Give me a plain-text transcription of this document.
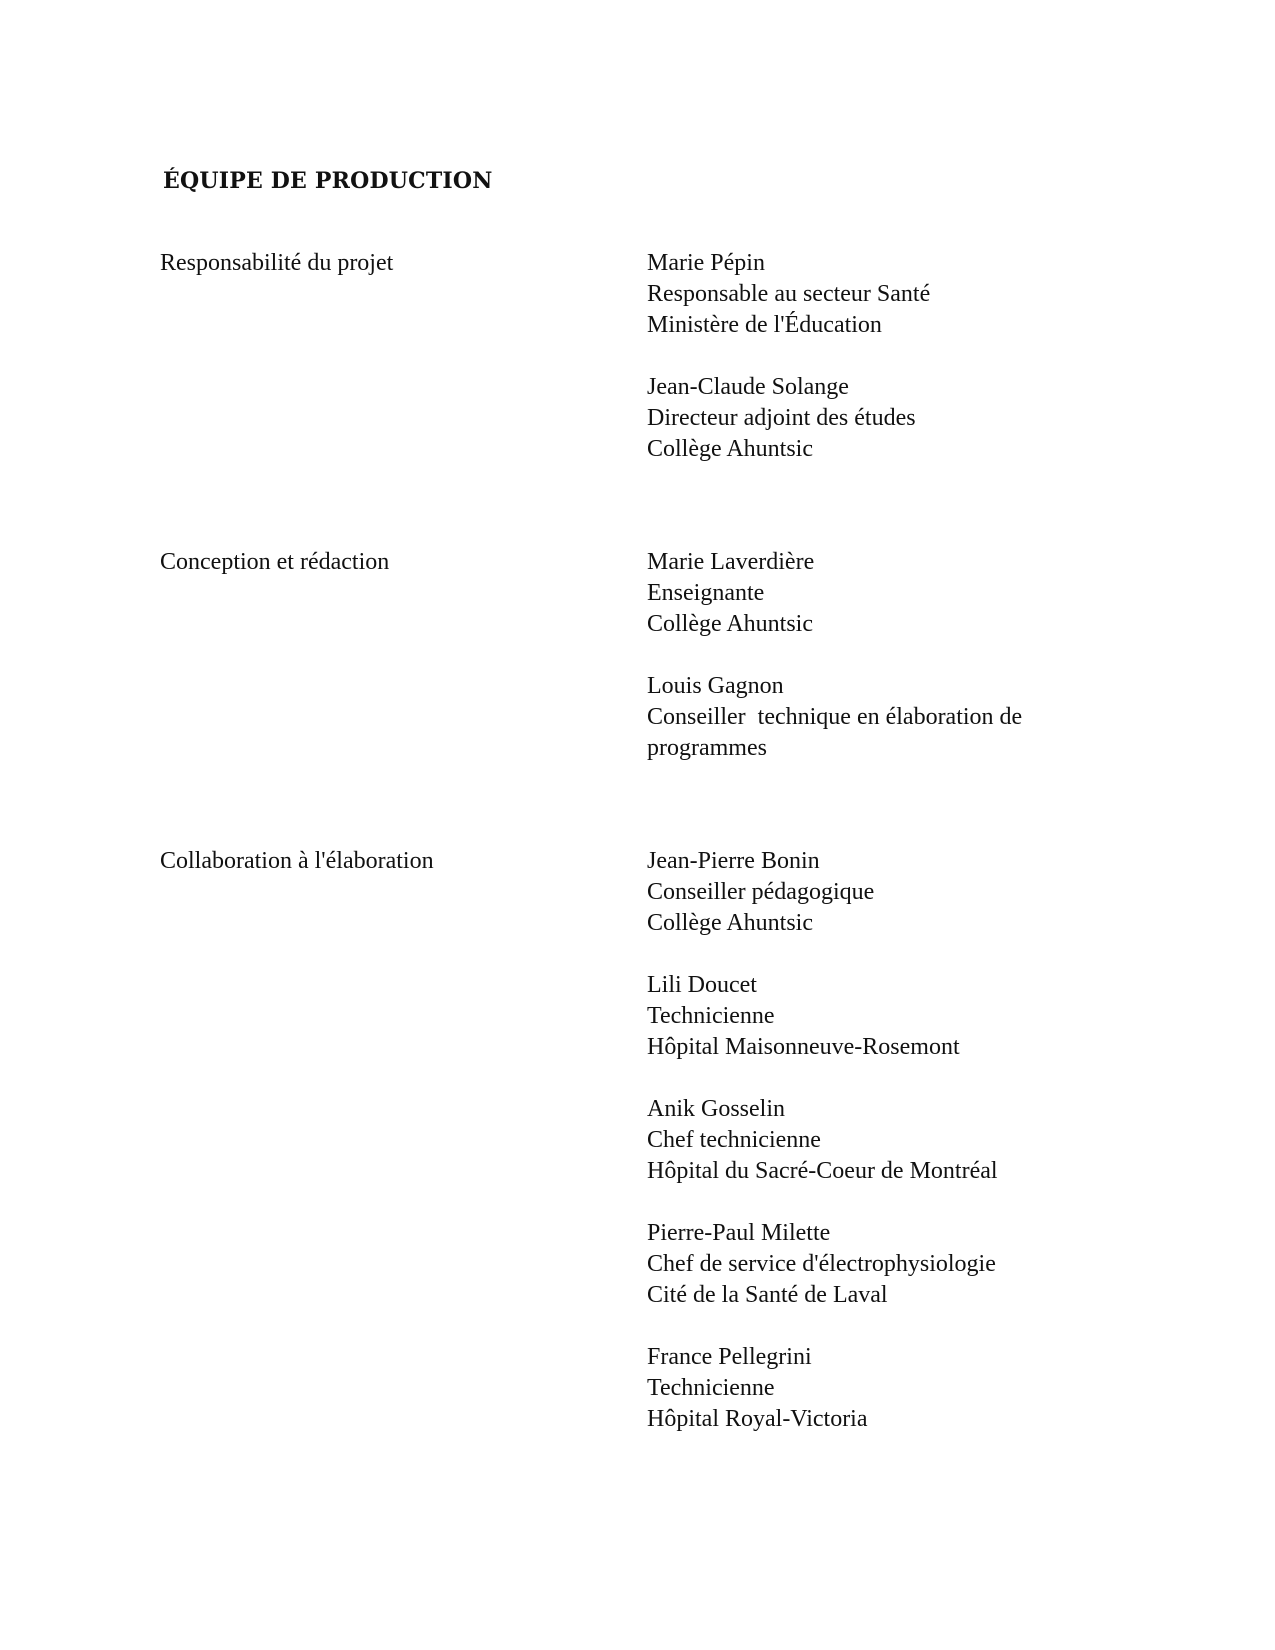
ÉQUIPE DE PRODUCTION

Responsabilité du projet	Marie Pépin
Responsable au secteur Santé
Ministère de l'Éducation
Jean-Claude Solange
Directeur adjoint des études
Collège Ahuntsic

Conception et rédaction	Marie Laverdière
Enseignante
Collège Ahuntsic
Louis Gagnon
Conseiller  technique en élaboration de
programmes

Collaboration à l'élaboration	Jean-Pierre Bonin
Conseiller pédagogique
Collège Ahuntsic
Lili Doucet
Technicienne
Hôpital Maisonneuve-Rosemont
Anik Gosselin
Chef technicienne
Hôpital du Sacré-Coeur de Montréal
Pierre-Paul Milette
Chef de service d'électrophysiologie
Cité de la Santé de Laval
France Pellegrini
Technicienne
Hôpital Royal-Victoria
